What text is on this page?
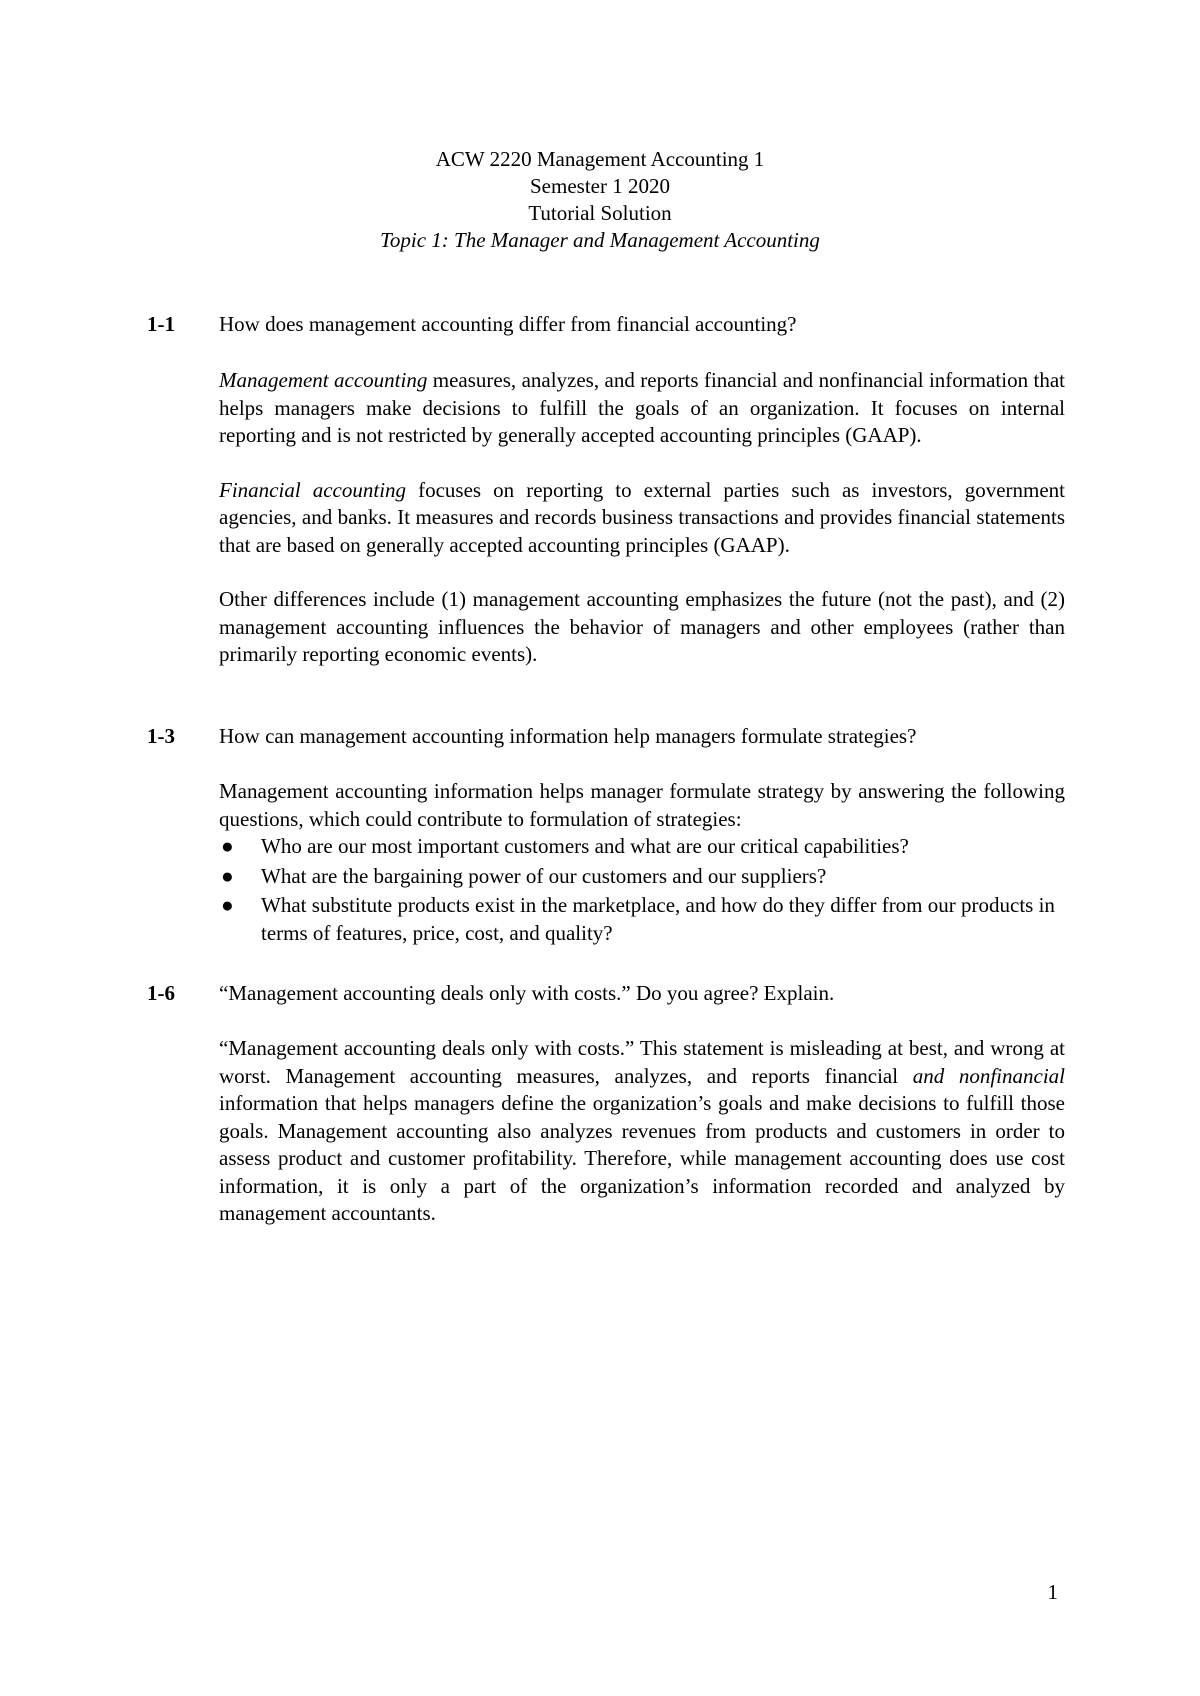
ACW 2220 Management Accounting 1
Semester 1 2020
Tutorial Solution
Topic 1: The Manager and Management Accounting
1-1	How does management accounting differ from financial accounting?

Management accounting measures, analyzes, and reports financial and nonfinancial information that helps managers make decisions to fulfill the goals of an organization. It focuses on internal reporting and is not restricted by generally accepted accounting principles (GAAP).

Financial accounting focuses on reporting to external parties such as investors, government agencies, and banks. It measures and records business transactions and provides financial statements that are based on generally accepted accounting principles (GAAP).

Other differences include (1) management accounting emphasizes the future (not the past), and (2) management accounting influences the behavior of managers and other employees (rather than primarily reporting economic events).

1-3	How can management accounting information help managers formulate strategies?

Management accounting information helps manager formulate strategy by answering the following questions, which could contribute to formulation of strategies:

● Who are our most important customers and what are our critical capabilities?
● What are the bargaining power of our customers and our suppliers?
● What substitute products exist in the marketplace, and how do they differ from our products in terms of features, price, cost, and quality?
1-6	“Management accounting deals only with costs.” Do you agree? Explain.

“Management accounting deals only with costs.” This statement is misleading at best, and wrong at worst. Management accounting measures, analyzes, and reports financial and nonfinancial information that helps managers define the organization’s goals and make decisions to fulfill those goals. Management accounting also analyzes revenues from products and customers in order to assess product and customer profitability. Therefore, while management accounting does use cost information, it is only a part of the organization’s information recorded and analyzed by management accountants.

1
